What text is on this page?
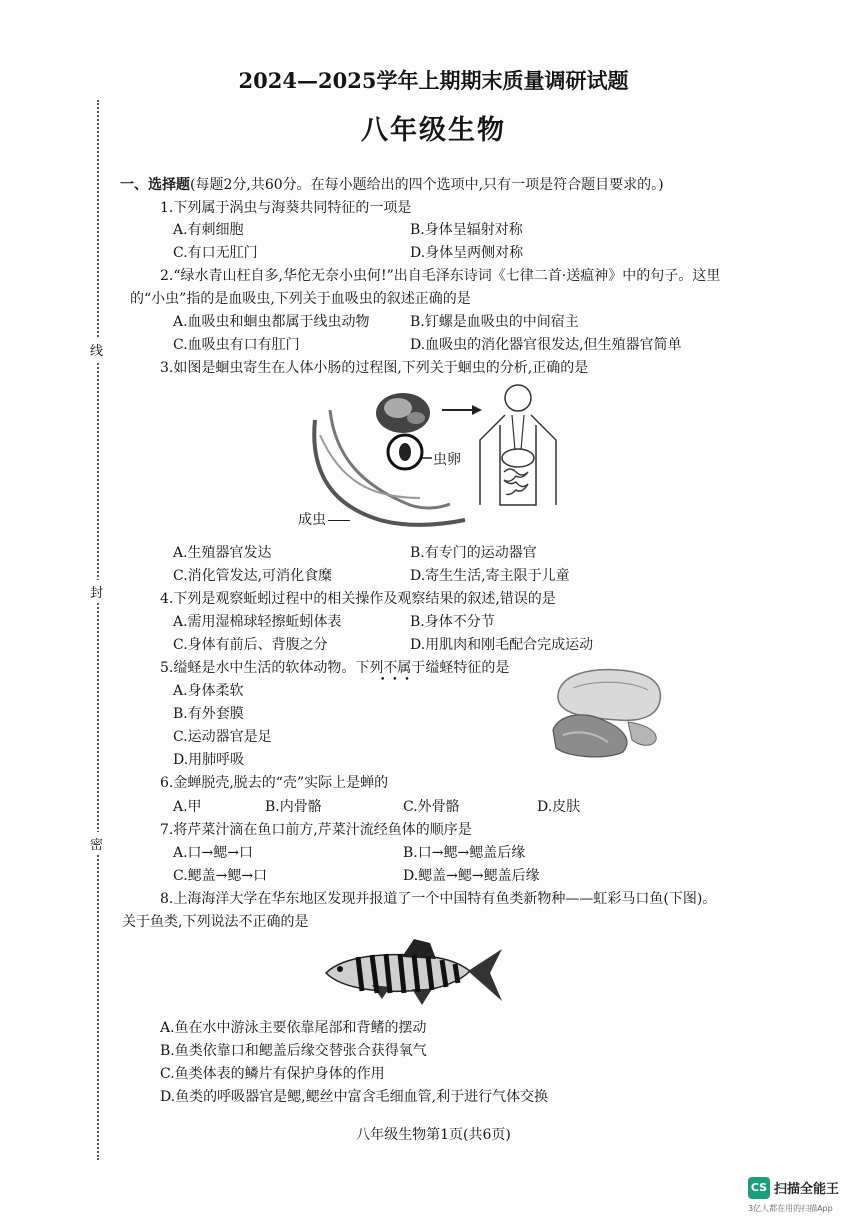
线
封
密
2024—2025学年上期期末质量调研试题
八年级生物
一、选择题(每题2分,共60分。在每小题给出的四个选项中,只有一项是符合题目要求的。)
1.下列属于涡虫与海葵共同特征的一项是
A.有刺细胞	B.身体呈辐射对称
C.有口无肛门	D.身体呈两侧对称
2.“绿水青山枉自多,华佗无奈小虫何!”出自毛泽东诗词《七律二首·送瘟神》中的句子。这里
的“小虫”指的是血吸虫,下列关于血吸虫的叙述正确的是
A.血吸虫和蛔虫都属于线虫动物	B.钉螺是血吸虫的中间宿主
C.血吸虫有口有肛门	D.血吸虫的消化器官很发达,但生殖器官简单
3.如图是蛔虫寄生在人体小肠的过程图,下列关于蛔虫的分析,正确的是
虫卵
成虫
A.生殖器官发达	B.有专门的运动器官
C.消化管发达,可消化食糜	D.寄生生活,寄主限于儿童
4.下列是观察蚯蚓过程中的相关操作及观察结果的叙述,错误的是
A.需用湿棉球轻擦蚯蚓体表	B.身体不分节
C.身体有前后、背腹之分	D.用肌肉和刚毛配合完成运动
5.缢蛏是水中生活的软体动物。下列不属于缢蛏特征的是
• • •
A.身体柔软
B.有外套膜
C.运动器官是足
D.用肺呼吸
6.金蝉脱壳,脱去的“壳”实际上是蝉的
A.甲	B.内骨骼	C.外骨骼	D.皮肤
7.将芹菜汁滴在鱼口前方,芹菜汁流经鱼体的顺序是
A.口→鳃→口	B.口→鳃→鳃盖后缘
C.鳃盖→鳃→口	D.鳃盖→鳃→鳃盖后缘
8.上海海洋大学在华东地区发现并报道了一个中国特有鱼类新物种——虹彩马口鱼(下图)。
关于鱼类,下列说法不正确的是
A.鱼在水中游泳主要依靠尾部和背鳍的摆动
B.鱼类依靠口和鳃盖后缘交替张合获得氧气
C.鱼类体表的鳞片有保护身体的作用
D.鱼类的呼吸器官是鳃,鳃丝中富含毛细血管,利于进行气体交换
八年级生物第1页(共6页)
CS 扫描全能王
3亿人都在用的扫描App
